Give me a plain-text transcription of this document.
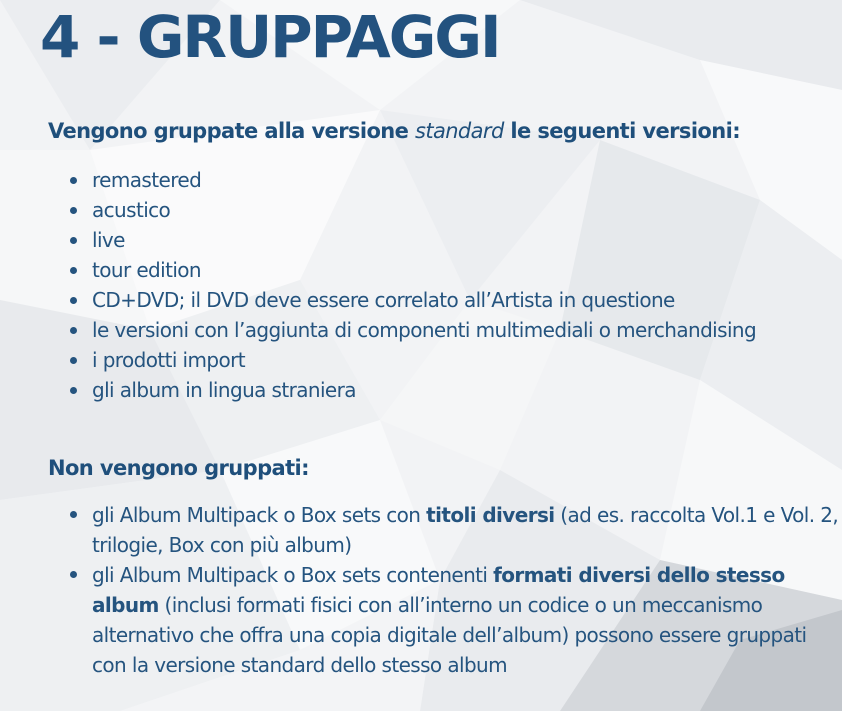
4 - GRUPPAGGI
Vengono gruppate alla versione standard le seguenti versioni:
remastered
acustico
live
tour edition
CD+DVD; il DVD deve essere correlato all’Artista in questione
le versioni con l’aggiunta di componenti multimediali o merchandising
i prodotti import
gli album in lingua straniera
Non vengono gruppati:
gli Album Multipack o Box sets con titoli diversi (ad es. raccolta Vol.1 e Vol. 2, trilogie, Box con più album)
gli Album Multipack o Box sets contenenti formati diversi dello stesso album (inclusi formati fisici con all’interno un codice o un meccanismo alternativo che offra una copia digitale dell’album) possono essere gruppati con la versione standard dello stesso album
